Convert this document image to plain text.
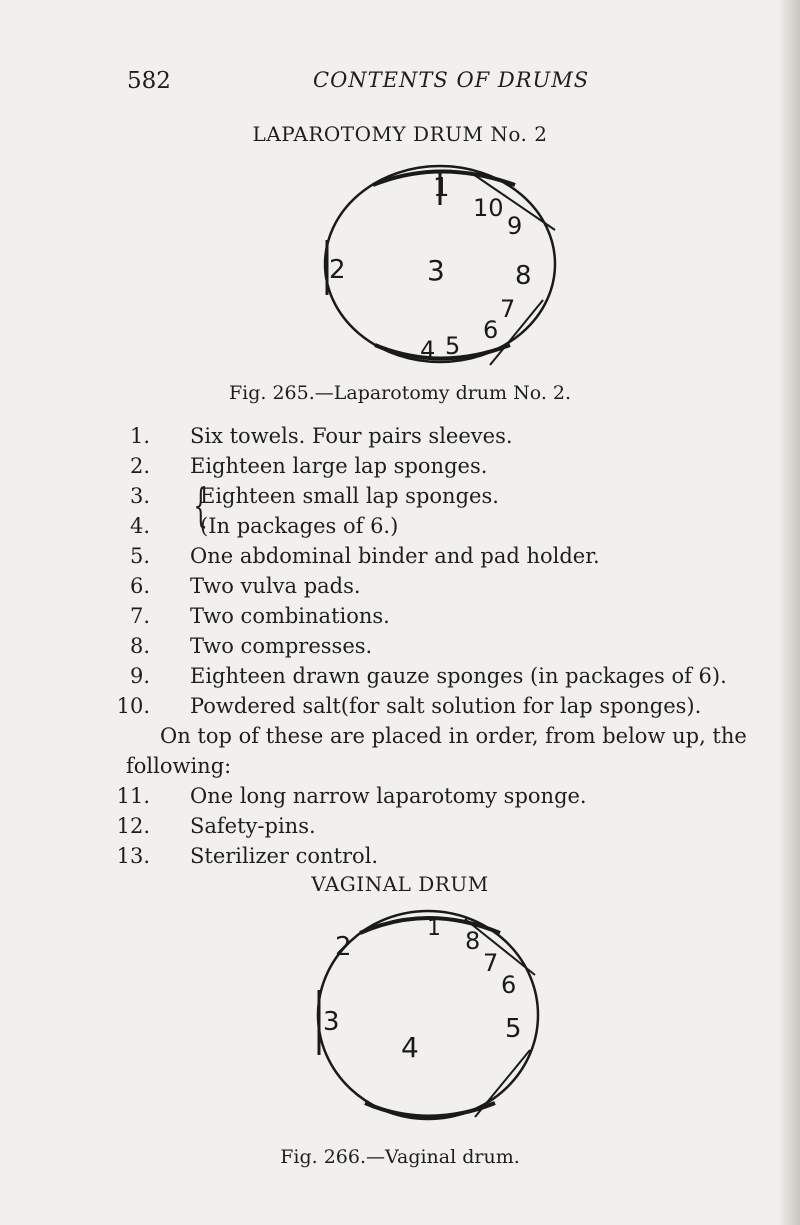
582	CONTENTS OF DRUMS
LAPAROTOMY DRUM No. 2
1
10
9
2	3	8
7
6
4 5
Fig. 265.—Laparotomy drum No. 2.
1. Six towels. Four pairs sleeves.
2. Eighteen large lap sponges.
{
3. Eighteen small lap sponges.
4. (In packages of 6.)
5. One abdominal binder and pad holder.
6. Two vulva pads.
7. Two combinations.
8. Two compresses.
9. Eighteen drawn gauze sponges (in packages of 6).
10. Powdered salt(for salt solution for lap sponges).
On top of these are placed in order, from below up, the
following:
11. One long narrow laparotomy sponge.
12. Safety-pins.
13. Sterilizer control.
VAGINAL DRUM
2
1 8
7
6
3
4
5
Fig. 266.—Vaginal drum.
